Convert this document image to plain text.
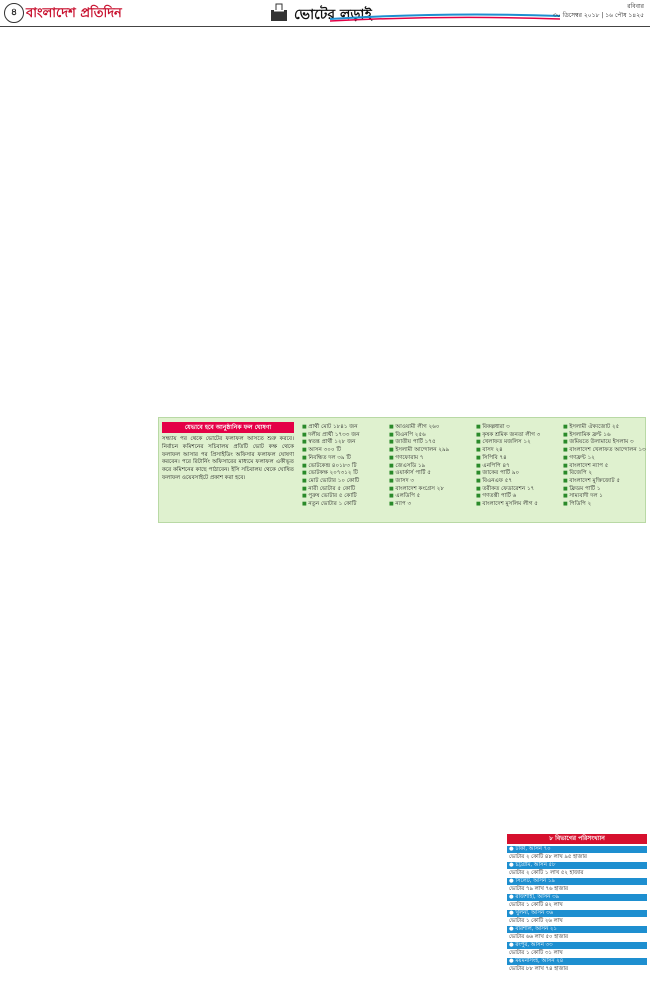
৪ বাংলাদেশ প্রতিদিন	ভোটের লড়াই
রবিবার
৩০ ডিসেম্বর ২০১৮ | ১৬ পৌষ ১৪২৫
যেভাবে হবে আনুষ্ঠানিক ফল ঘোষণা
সন্ধ্যায় পর থেকে ভোটের ফলাফল আসতে শুরু করবে। নির্বাচন কমিশনের সচিবালয় প্রতিটি ভোট কক্ষ থেকে ফলাফল আসার পর প্রিসাইডিং অফিসার ফলাফল ঘোষণা করবেন। পরে রিটার্নিং অফিসারের মাধ্যমে ফলাফল একীভূত করে কমিশনের কাছে পাঠাবেন। ইসি সচিবালয় থেকে ঘোষিত ফলাফল ওয়েবসাইটে প্রকাশ করা হবে।
■ প্রার্থী মোট ১৮৪১ জন
■ দলীয় প্রার্থী ১৭৩৩ জন
■ স্বতন্ত্র প্রার্থী ১২৮ জন
■ আসন ৩০০ টি
■ নিবন্ধিত দল ৩৯ টি
■ ভোটকেন্দ্র ৪০১৮৩ টি
■ ভোটকক্ষ ২০৭৩১২ টি
■ মোট ভোটার ১০ কোটি
■ নারী ভোটার ৫ কোটি
■ পুরুষ ভোটার ৫ কোটি
■ নতুন ভোটার ১ কোটি
■ আওয়ামী লীগ ২৬০
■ বিএনপি ২৫৬
■ জাতীয় পার্টি ১৭৫
■ ইসলামী আন্দোলন ২৯৯
■ গণফোরাম ৭
■ জেএসডি ১৯
■ ওয়ার্কার্স পার্টি ৫
■ জাসদ ৩
■ বাংলাদেশ কংগ্রেস ২৮
■ এলডিপি ৫
■ ন্যাপ ৩
■ বিকল্পধারা ৩
■ কৃষক শ্রমিক জনতা লীগ ৩
■ খেলাফত মজলিস ১২
■ বাসদ ২৪
■ সিপিবি ৭৪
■ এনপিপি ৪৭
■ জাকের পার্টি ৯০
■ বিএনএফ ৫৭
■ তরীকত ফেডারেশন ১৭
■ গণতন্ত্রী পার্টি ৬
■ বাংলাদেশ মুসলিম লীগ ৫
■ ইসলামী ঐক্যজোট ২৫
■ ইসলামিক ফ্রন্ট ১৬
■ জমিয়তে উলামায়ে ইসলাম ৩
■ বাংলাদেশ খেলাফত আন্দোলন ১৩
■ গণফ্রন্ট ১২
■ বাংলাদেশ ন্যাপ ৫
■ বিজেপি ২
■ বাংলাদেশ মুক্তিজোট ৫
■ ফ্রিডম পার্টি ১
■ সাম্যবাদী দল ১
■ পিডিপি ২
৮ বিভাগের পরিসংখ্যান
● ঢাকা, আসন ৭০
ভোটার ২ কোটি ৪৮ লাখ ৯৫ হাজার
● চট্টগ্রাম, আসন ৫৮
ভোটার ২ কোটি ১ লাখ ৫২ হাজার
● সিলেট, আসন ১৯
ভোটার ৭৯ লাখ ৭৬ হাজার
● রাজশাহী, আসন ৩৯
ভোটার ১ কোটি ৪২ লাখ
● খুলনা, আসন ৩৬
ভোটার ১ কোটি ২৬ লাখ
● বরিশাল, আসন ২১
ভোটার ৬৬ লাখ ৫০ হাজার
● রংপুর, আসন ৩৩
ভোটার ১ কোটি ৩১ লাখ
● ময়মনসিংহ, আসন ২৪
ভোটার ৮৮ লাখ ৭৪ হাজার
